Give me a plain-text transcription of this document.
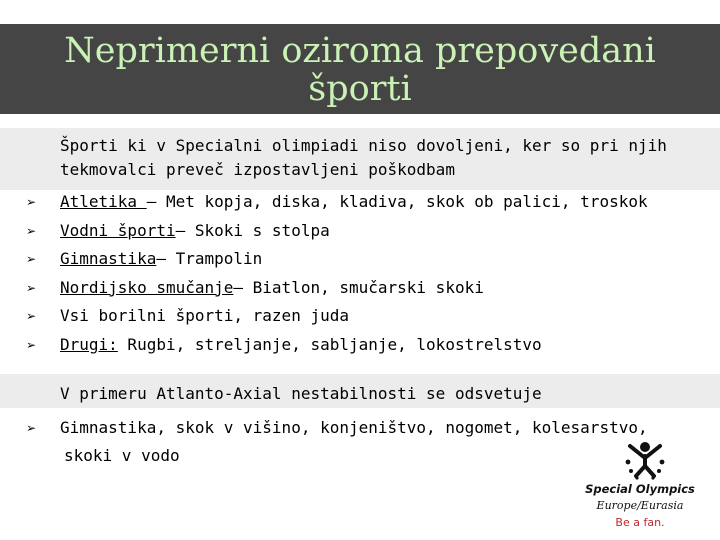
Neprimerni oziroma prepovedani
športi
Športi ki v Specialni olimpiadi niso dovoljeni, ker so pri njih
tekmovalci preveč izpostavljeni poškodbam
➢ Atletika – Met kopja, diska, kladiva, skok ob palici, troskok
➢ Vodni športi– Skoki s stolpa
➢ Gimnastika– Trampolin
➢ Nordijsko smučanje– Biatlon, smučarski skoki
➢ Vsi borilni športi, razen juda
➢ Drugi: Rugbi, streljanje, sabljanje, lokostrelstvo
V primeru Atlanto-Axial nestabilnosti se odsvetuje
➢ Gimnastika, skok v višino, konjeništvo, nogomet, kolesarstvo,
skoki v vodo
Special Olympics
Europe/Eurasia
Be a fan.
